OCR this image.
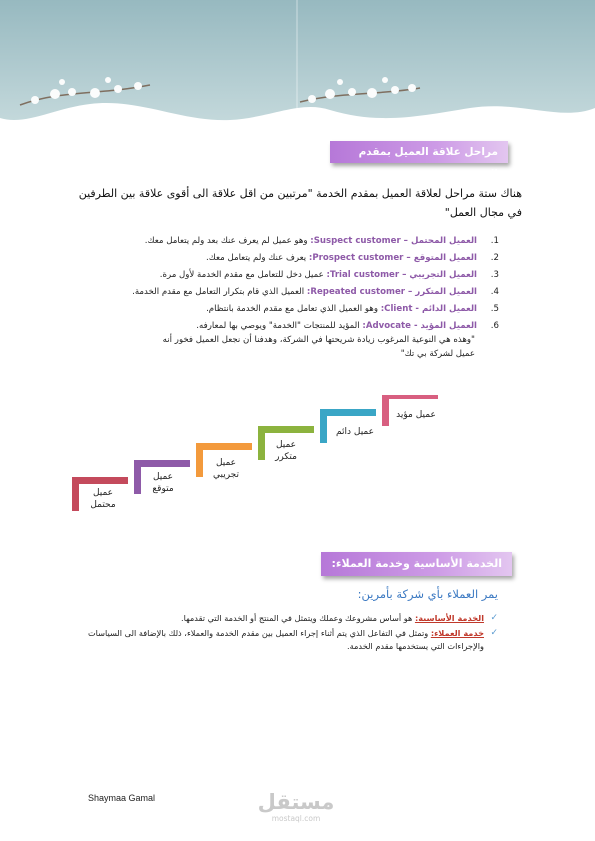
مراحل علاقة العميل بمقدم الخدمة
هناك ستة مراحل لعلاقة العميل بمقدم الخدمة "مرتبين من اقل علاقة الى أقوى علاقة بين الطرفين في مجال العمل"
1.
العميل المحتمل – Suspect customer: وهو عميل لم يعرف عنك بعد ولم يتعامل معك.
2.
العميل المتوقع – Prospect customer: يعرف عنك ولم يتعامل معك.
3.
العميل التجريبي – Trial customer: عميل دخل للتعامل مع مقدم الخدمة لأول مرة.
4.
العميل المتكرر – Repeated customer: العميل الذي قام بتكرار التعامل مع مقدم الخدمة.
5.
العميل الدائم - Client: وهو العميل الذي تعامل مع مقدم الخدمة بانتظام.
6.
العميل المؤيد - Advocate: المؤيد للمنتجات "الخدمة" ويوصي بها لمعارفه.
"وهذه هي النوعية المرغوب زيادة شريحتها في الشركة، وهدفنا أن نجعل العميل فخور أنه عميل لشركة بي تك"
عميل محتمل
عميل متوقع
عميل تجريبي
عميل متكرر
عميل دائم
عميل مؤيد
الخدمة الأساسية وخدمة العملاء:
يمر العملاء بأي شركة بأمرين:
✓
الخدمة الأساسية: هو أساس مشروعك وعملك ويتمثل في المنتج أو الخدمة التي تقدمها.
✓
خدمة العملاء: وتمثل في التفاعل الذي يتم أثناء إجراء العميل بين مقدم الخدمة والعملاء، ذلك بالإضافة الى السياسات والإجراءات التي يستخدمها مقدم الخدمة.
Shaymaa Gamal	مستقل
mostaql.com
